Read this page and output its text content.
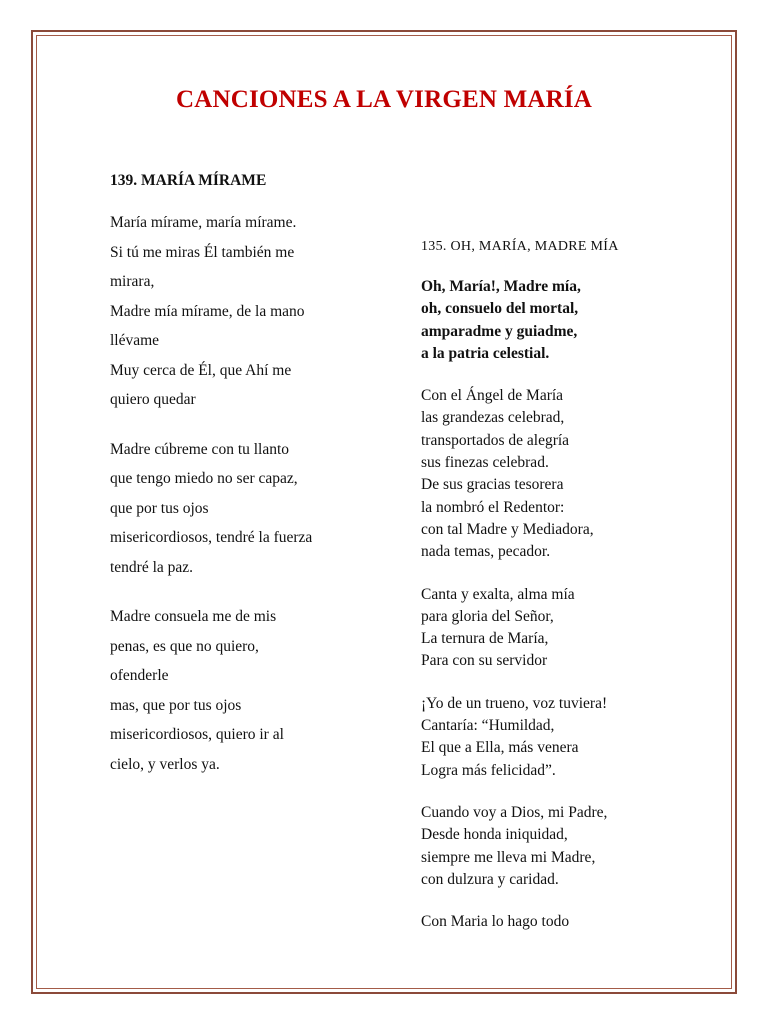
CANCIONES A LA VIRGEN MARÍA
139. MARÍA MÍRAME
María mírame, maría mírame.
Si tú me miras Él también me
mirara,
Madre mía mírame, de la mano
llévame
Muy cerca de Él, que Ahí me
quiero quedar
Madre cúbreme con tu llanto
que tengo miedo no ser capaz,
que por tus ojos
misericordiosos, tendré la fuerza
tendré la paz.
Madre consuela me de mis
penas, es que no quiero,
ofenderle
mas, que por tus ojos
misericordiosos, quiero ir al
cielo, y verlos ya.
135. OH, MARÍA, MADRE MÍA
Oh, María!, Madre mía,
oh, consuelo del mortal,
amparadme y guiadme,
a la patria celestial.
Con el Ángel de María
las grandezas celebrad,
transportados de alegría
sus finezas celebrad.
De sus gracias tesorera
la nombró el Redentor:
con tal Madre y Mediadora,
nada temas, pecador.
Canta y exalta, alma mía
para gloria del Señor,
La ternura de María,
Para con su servidor
¡Yo de un trueno, voz tuviera!
Cantaría: “Humildad,
El que a Ella, más venera
Logra más felicidad”.
Cuando voy a Dios, mi Padre,
Desde honda iniquidad,
siempre me lleva mi Madre,
con dulzura y caridad.
Con Maria lo hago todo
